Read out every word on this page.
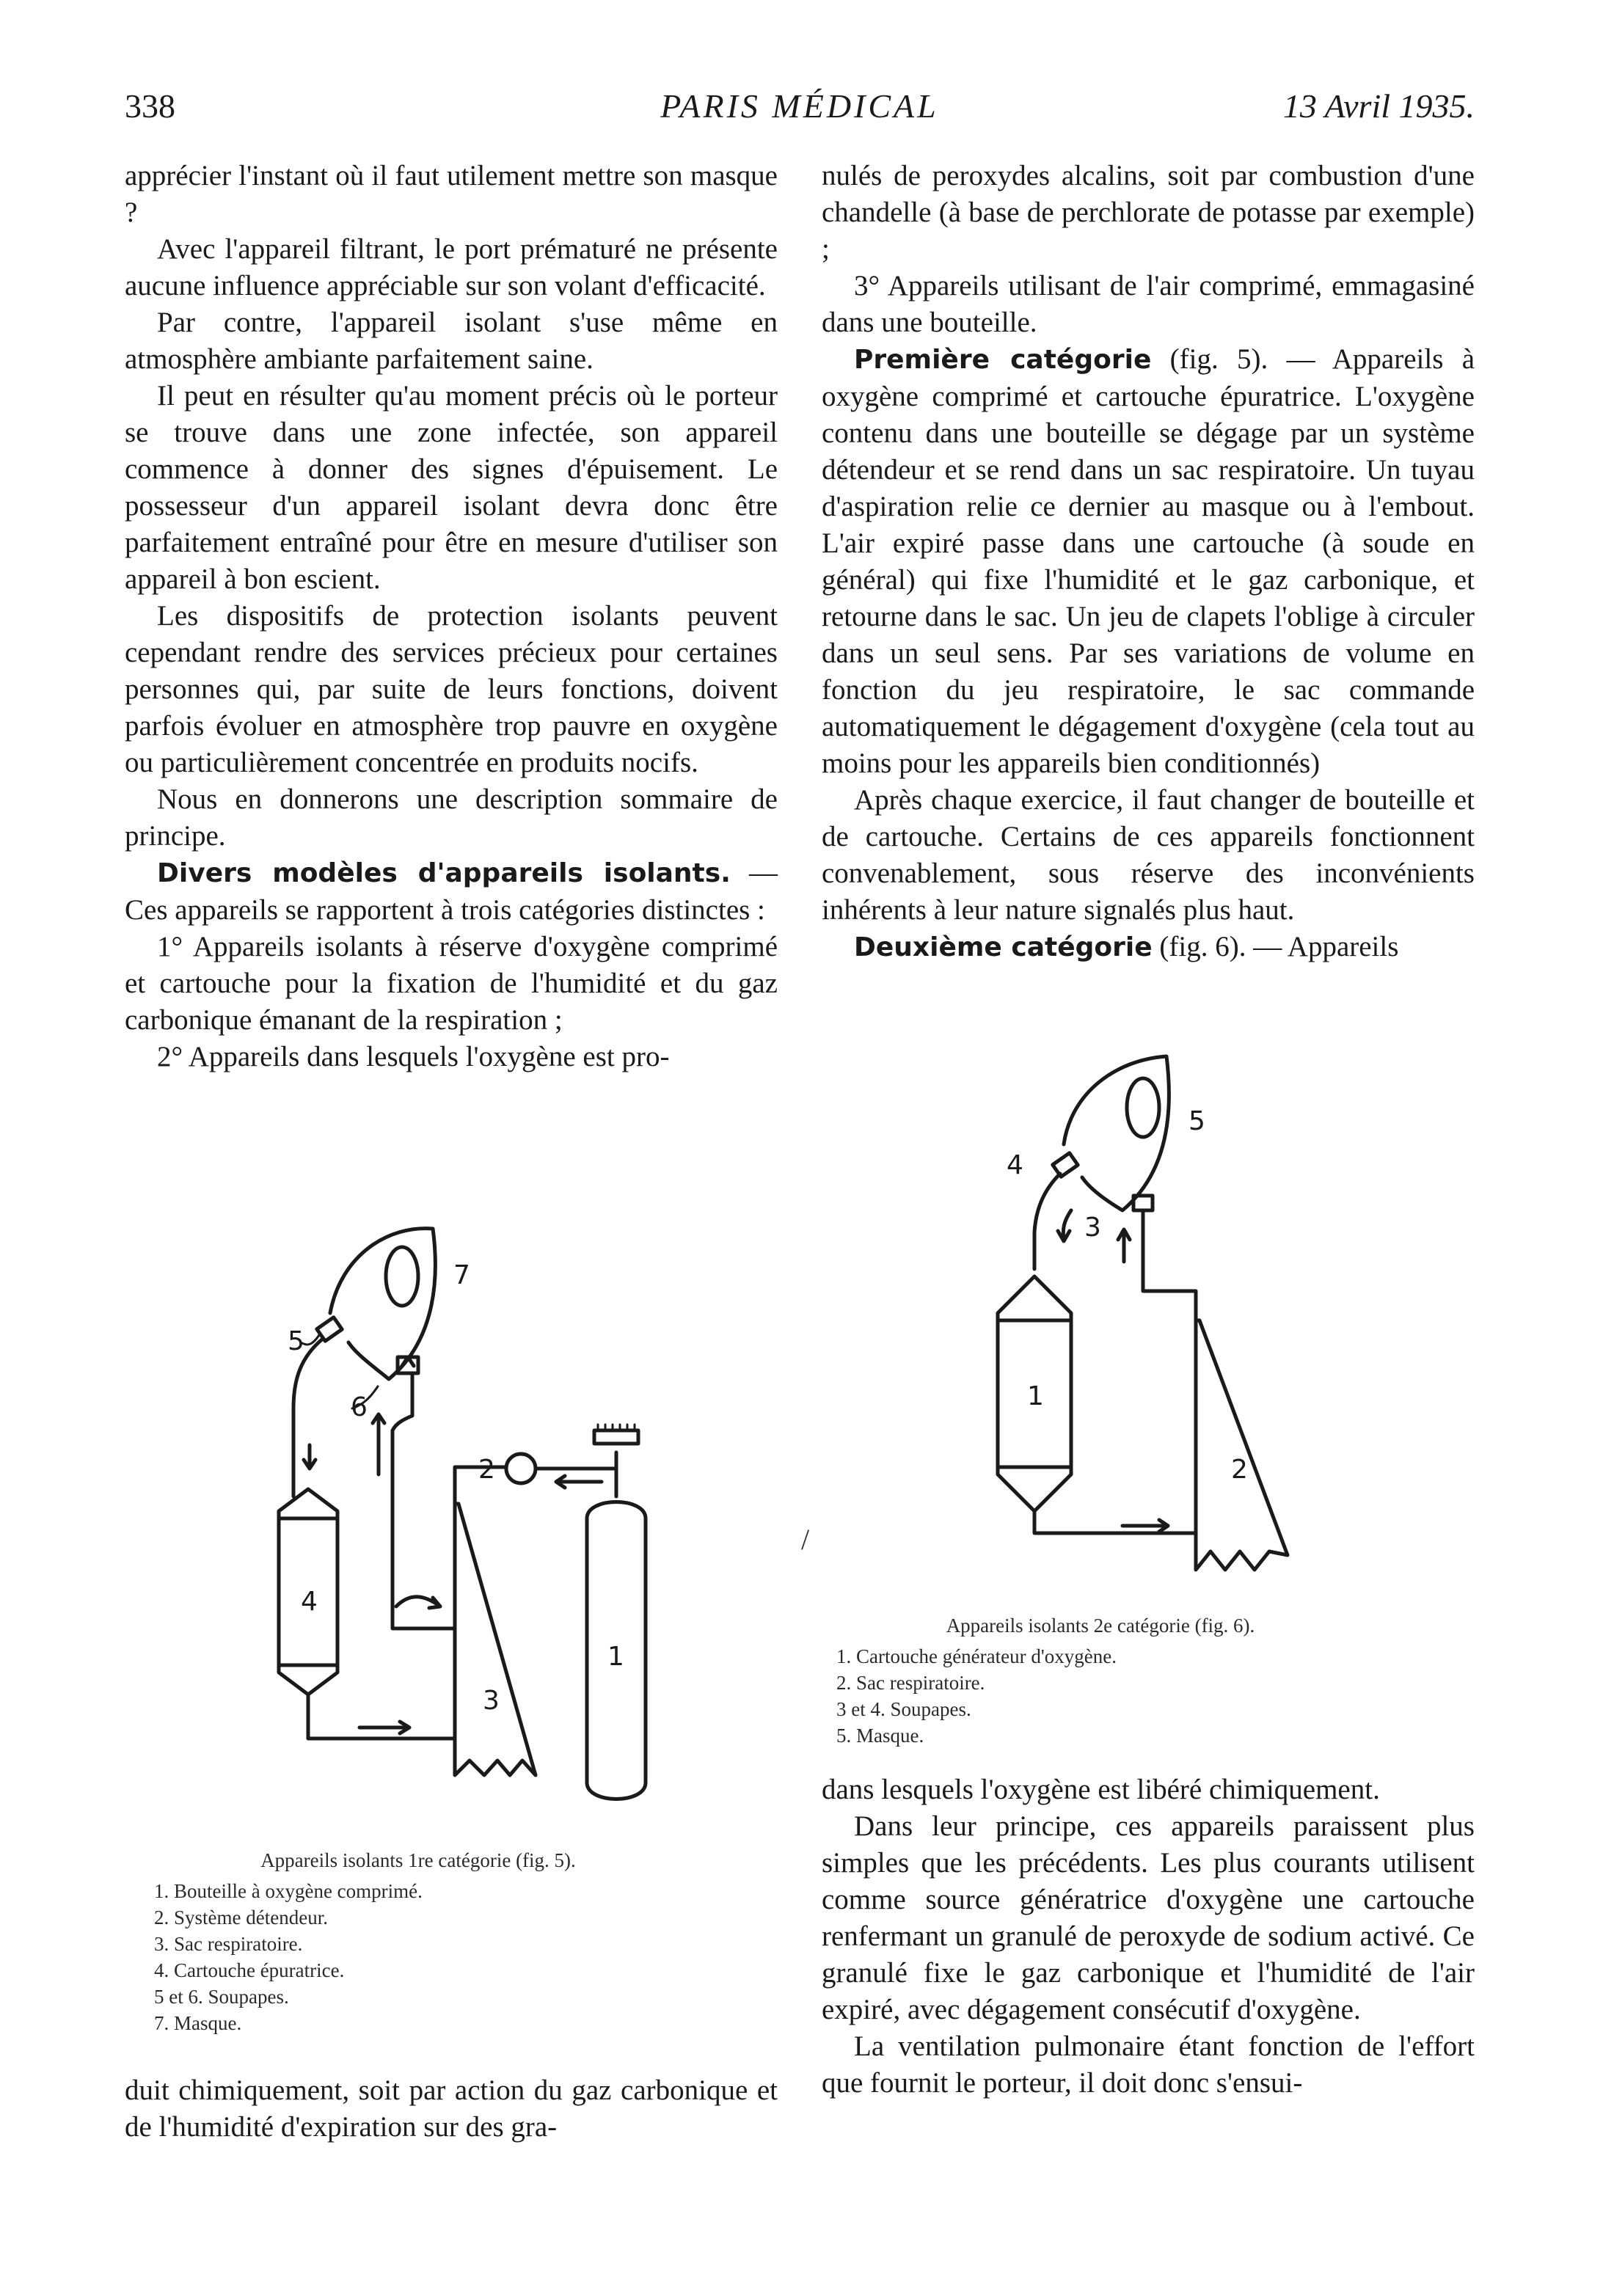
338	PARIS MÉDICAL	13 Avril 1935.

apprécier l'instant où il faut utilement mettre son masque ?

Avec l'appareil filtrant, le port prématuré ne présente aucune influence appréciable sur son volant d'efficacité.

Par contre, l'appareil isolant s'use même en atmosphère ambiante parfaitement saine.

Il peut en résulter qu'au moment précis où le porteur se trouve dans une zone infectée, son appareil commence à donner des signes d'épuisement. Le possesseur d'un appareil isolant devra donc être parfaitement entraîné pour être en mesure d'utiliser son appareil à bon escient.

Les dispositifs de protection isolants peuvent cependant rendre des services précieux pour certaines personnes qui, par suite de leurs fonctions, doivent parfois évoluer en atmosphère trop pauvre en oxygène ou particulièrement concentrée en produits nocifs.

Nous en donnerons une description sommaire de principe.

Divers modèles d'appareils isolants. — Ces appareils se rapportent à trois catégories distinctes :

1° Appareils isolants à réserve d'oxygène comprimé et cartouche pour la fixation de l'humidité et du gaz carbonique émanant de la respiration ;

2° Appareils dans lesquels l'oxygène est pro-

7
5
6
2
4
3
1
Appareils isolants 1re catégorie (fig. 5).
1. Bouteille à oxygène comprimé.
2. Système détendeur.
3. Sac respiratoire.
4. Cartouche épuratrice.
5 et 6. Soupapes.
7. Masque.

duit chimiquement, soit par action du gaz carbonique et de l'humidité d'expiration sur des gra-

nulés de peroxydes alcalins, soit par combustion d'une chandelle (à base de perchlorate de potasse par exemple) ;

3° Appareils utilisant de l'air comprimé, emmagasiné dans une bouteille.

Première catégorie (fig. 5). — Appareils à oxygène comprimé et cartouche épuratrice. L'oxygène contenu dans une bouteille se dégage par un système détendeur et se rend dans un sac respiratoire. Un tuyau d'aspiration relie ce dernier au masque ou à l'embout. L'air expiré passe dans une cartouche (à soude en général) qui fixe l'humidité et le gaz carbonique, et retourne dans le sac. Un jeu de clapets l'oblige à circuler dans un seul sens. Par ses variations de volume en fonction du jeu respiratoire, le sac commande automatiquement le dégagement d'oxygène (cela tout au moins pour les appareils bien conditionnés)

Après chaque exercice, il faut changer de bouteille et de cartouche. Certains de ces appareils fonctionnent convenablement, sous réserve des inconvénients inhérents à leur nature signalés plus haut.

Deuxième catégorie (fig. 6). — Appareils

5
4
3
1
2
Appareils isolants 2e catégorie (fig. 6).
1. Cartouche générateur d'oxygène.
2. Sac respiratoire.
3 et 4. Soupapes.
5. Masque.

dans lesquels l'oxygène est libéré chimiquement.

Dans leur principe, ces appareils paraissent plus simples que les précédents. Les plus courants utilisent comme source génératrice d'oxygène une cartouche renfermant un granulé de peroxyde de sodium activé. Ce granulé fixe le gaz carbonique et l'humidité de l'air expiré, avec dégagement consécutif d'oxygène.

La ventilation pulmonaire étant fonction de l'effort que fournit le porteur, il doit donc s'ensui-

/
